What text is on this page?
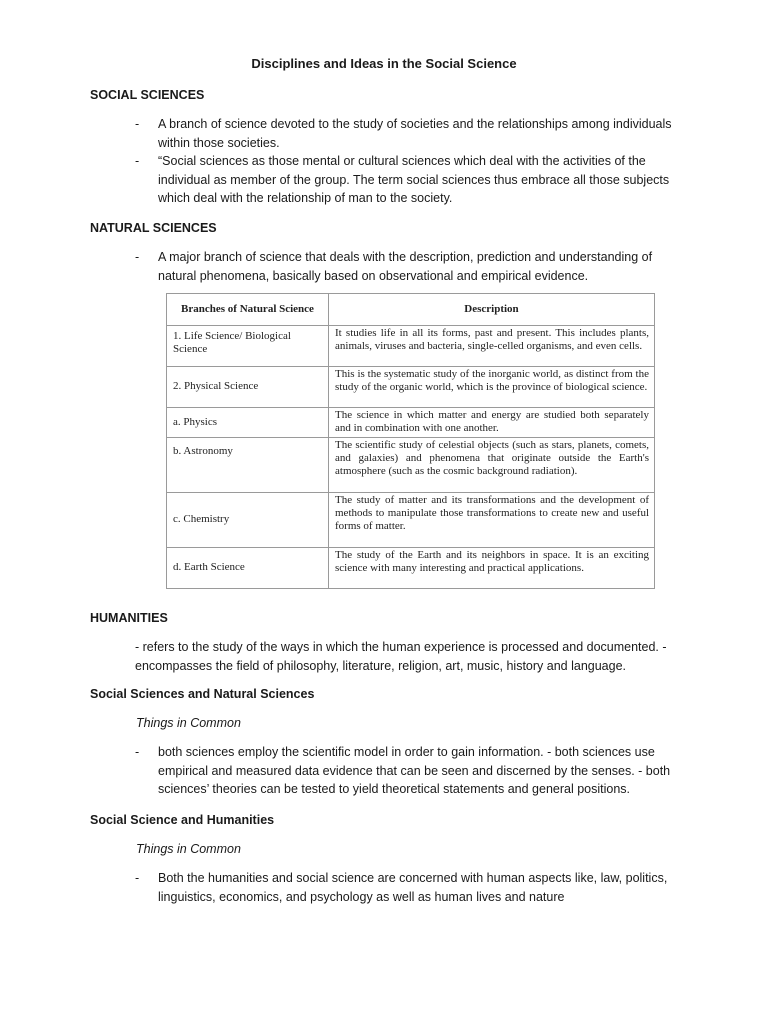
Disciplines and Ideas in the Social Science
SOCIAL SCIENCES
- A branch of science devoted to the study of societies and the relationships among individuals within those societies.
- “Social sciences as those mental or cultural sciences which deal with the activities of the individual as member of the group. The term social sciences thus embrace all those subjects which deal with the relationship of man to the society.
NATURAL SCIENCES
- A major branch of science that deals with the description, prediction and understanding of natural phenomena, basically based on observational and empirical evidence.
Branches of Natural Science	Description

1. Life Science/ Biological Science	It studies life in all its forms, past and present. This includes plants, animals, viruses and bacteria, single-celled organisms, and even cells.
2. Physical Science	This is the systematic study of the inorganic world, as distinct from the study of the organic world, which is the province of biological science.
a. Physics	The science in which matter and energy are studied both separately and in combination with one another.

b. Astronomy	The scientific study of celestial objects (such as stars, planets, comets, and galaxies) and phenomena that originate outside the Earth's atmosphere (such as the cosmic background radiation).
c. Chemistry	The study of matter and its transformations and the development of methods to manipulate those transformations to create new and useful forms of matter.
d. Earth Science	The study of the Earth and its neighbors in space. It is an exciting science with many interesting and practical applications.
HUMANITIES
- refers to the study of the ways in which the human experience is processed and documented. - encompasses the field of philosophy, literature, religion, art, music, history and language.
Social Sciences and Natural Sciences
Things in Common
- both sciences employ the scientific model in order to gain information. - both sciences use empirical and measured data evidence that can be seen and discerned by the senses. - both sciences’ theories can be tested to yield theoretical statements and general positions.
Social Science and Humanities
Things in Common
- Both the humanities and social science are concerned with human aspects like, law, politics, linguistics, economics, and psychology as well as human lives and nature
